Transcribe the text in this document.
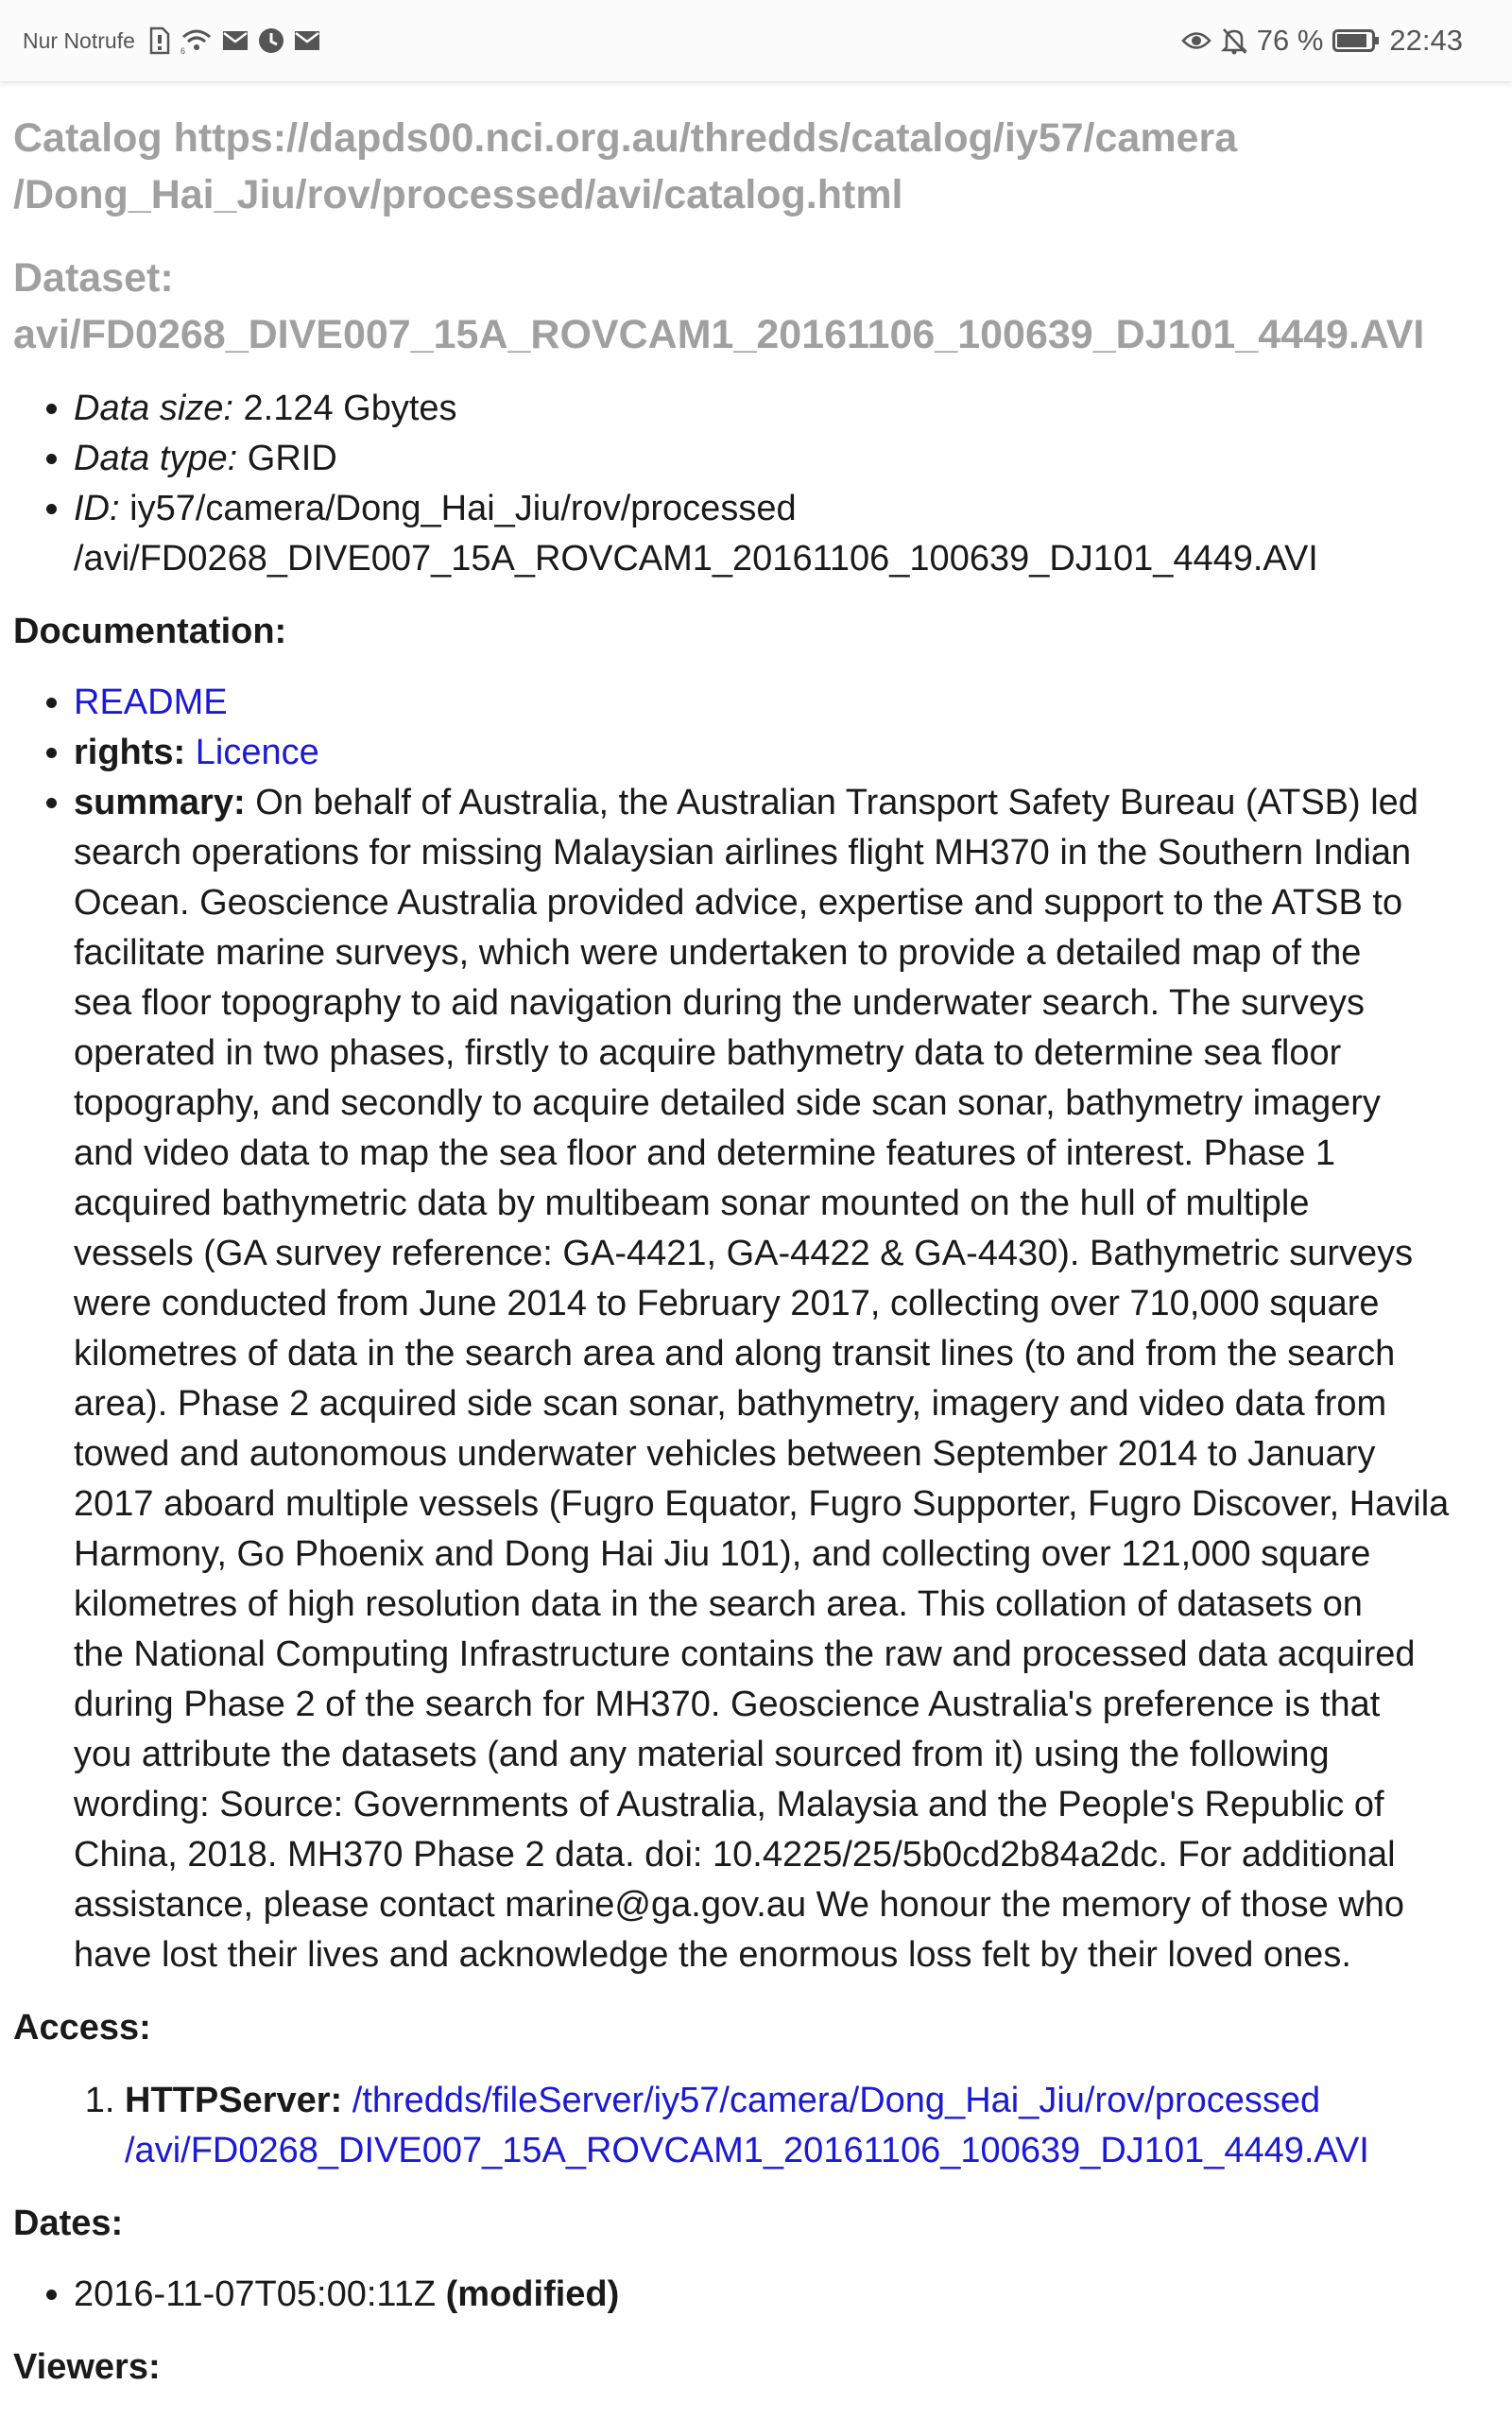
Nur Notrufe	6	76 % 22:43
Catalog https://dapds00.nci.org.au/thredds/catalog/iy57/camera
/Dong_Hai_Jiu/rov/processed/avi/catalog.html
Dataset:
avi/FD0268_DIVE007_15A_ROVCAM1_20161106_100639_DJ101_4449.AVI
• Data size: 2.124 Gbytes
• Data type: GRID
• ID: iy57/camera/Dong_Hai_Jiu/rov/processed
/avi/FD0268_DIVE007_15A_ROVCAM1_20161106_100639_DJ101_4449.AVI
Documentation:
• README
• rights: Licence
• summary: On behalf of Australia, the Australian Transport Safety Bureau (ATSB) led
search operations for missing Malaysian airlines flight MH370 in the Southern Indian
Ocean. Geoscience Australia provided advice, expertise and support to the ATSB to
facilitate marine surveys, which were undertaken to provide a detailed map of the
sea floor topography to aid navigation during the underwater search. The surveys
operated in two phases, firstly to acquire bathymetry data to determine sea floor
topography, and secondly to acquire detailed side scan sonar, bathymetry imagery
and video data to map the sea floor and determine features of interest. Phase 1
acquired bathymetric data by multibeam sonar mounted on the hull of multiple
vessels (GA survey reference: GA-4421, GA-4422 & GA-4430). Bathymetric surveys
were conducted from June 2014 to February 2017, collecting over 710,000 square
kilometres of data in the search area and along transit lines (to and from the search
area). Phase 2 acquired side scan sonar, bathymetry, imagery and video data from
towed and autonomous underwater vehicles between September 2014 to January
2017 aboard multiple vessels (Fugro Equator, Fugro Supporter, Fugro Discover, Havila
Harmony, Go Phoenix and Dong Hai Jiu 101), and collecting over 121,000 square
kilometres of high resolution data in the search area. This collation of datasets on
the National Computing Infrastructure contains the raw and processed data acquired
during Phase 2 of the search for MH370. Geoscience Australia's preference is that
you attribute the datasets (and any material sourced from it) using the following
wording: Source: Governments of Australia, Malaysia and the People's Republic of
China, 2018. MH370 Phase 2 data. doi: 10.4225/25/5b0cd2b84a2dc. For additional
assistance, please contact marine@ga.gov.au We honour the memory of those who
have lost their lives and acknowledge the enormous loss felt by their loved ones.
Access:
1. HTTPServer: /thredds/fileServer/iy57/camera/Dong_Hai_Jiu/rov/processed
/avi/FD0268_DIVE007_15A_ROVCAM1_20161106_100639_DJ101_4449.AVI
Dates:
• 2016-11-07T05:00:11Z (modified)
Viewers:
